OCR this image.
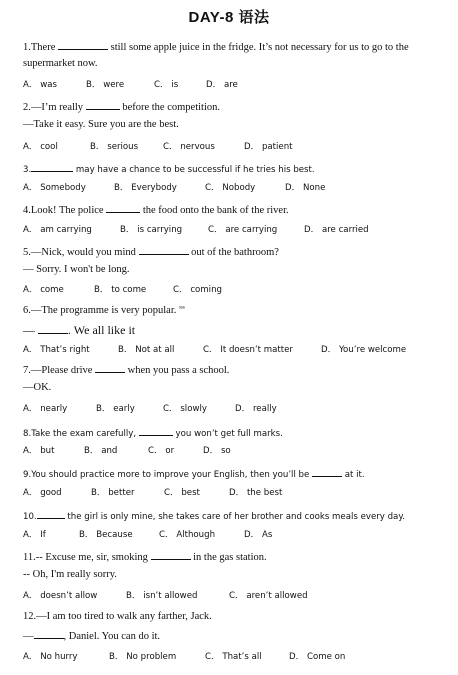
DAY-8 语法
1.There	still some apple juice in the fridge. It’s not necessary for us to go to the
supermarket now.
A． was	B． were	C． is	D． are
2.—I’m really	before the competition.
—Take it easy. Sure you are the best.
A． cool	B． serious	C． nervous	D． patient
3.	may have a chance to be successful if he tries his best.
A． Somebody	B． Everybody	C． Nobody	D． None
4.Look! The police	the food onto the bank of the river.
A． am carrying	B． is carrying	C． are carrying	D． are carried
5.—Nick, would you mind	out of the bathroom?
— Sorry. I won't be long.
A． come	B． to come	C． coming
6.—The programme is very popular. $^{sss}$
—	. We all like it
A． That’s right	B． Not at all	C． It doesn’t matter	D． You’re welcome
7.—Please drive	when you pass a school.
—OK.
A． nearly	B． early	C． slowly	D． really
8.Take the exam carefully,	you won’t get full marks.
A． but	B． and	C． or	D． so
9.You should practice more to improve your English, then you’ll be	at it.
A． good	B． better	C． best	D． the best
10.	the girl is only mine, she takes care of her brother and cooks meals every day.
A． If	B． Because	C． Although	D． As
11.-- Excuse me, sir, smoking	in the gas station.
-- Oh, I'm really sorry.
A． doesn’t allow	B． isn’t allowed	C． aren’t allowed
12.—I am too tired to walk any farther, Jack.
—	, Daniel. You can do it.
A． No hurry	B． No problem	C． That’s all	D． Come on
